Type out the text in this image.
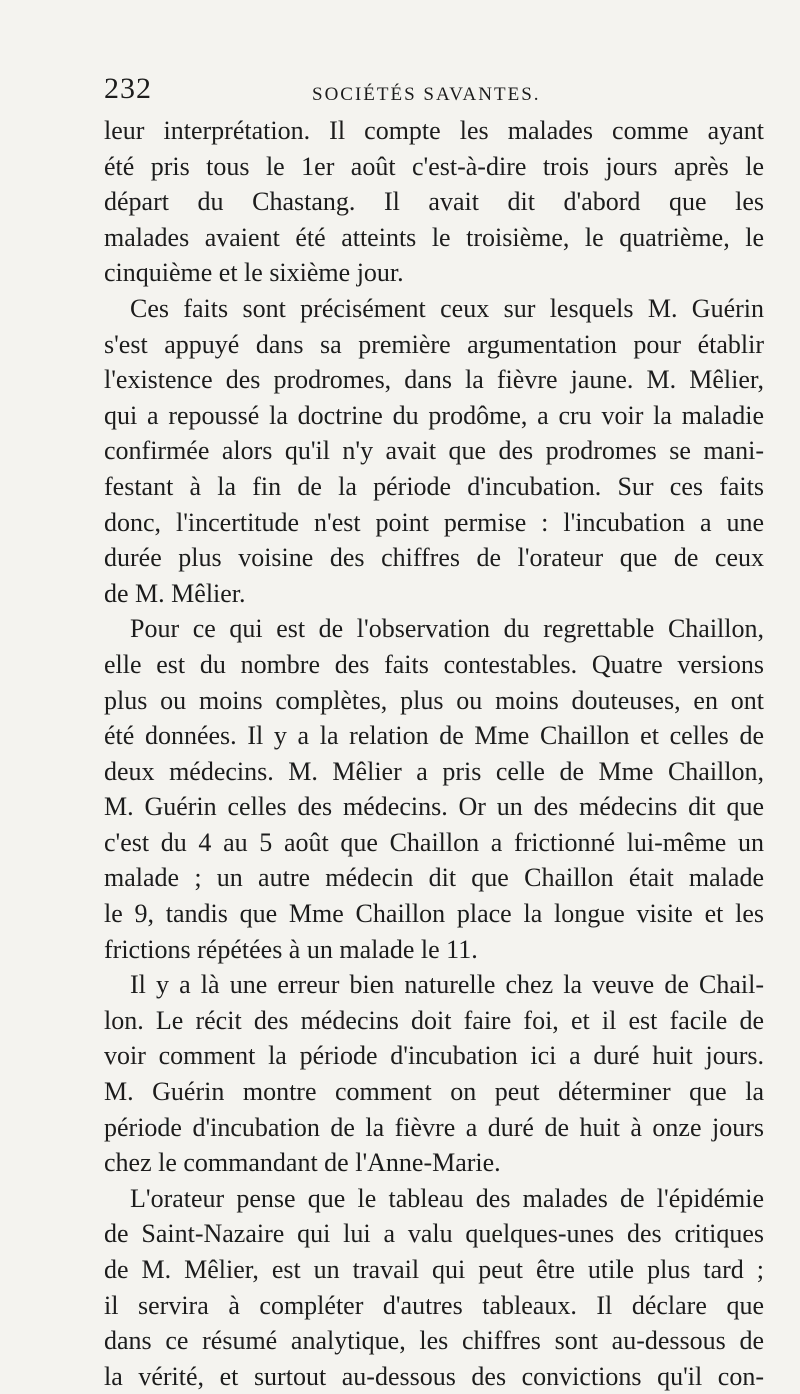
232	SOCIÉTÉS SAVANTES.
leur interprétation. Il compte les malades comme ayant
été pris tous le 1er août c'est-à-dire trois jours après le
départ du Chastang. Il avait dit d'abord que les
malades avaient été atteints le troisième, le quatrième, le
cinquième et le sixième jour.
Ces faits sont précisément ceux sur lesquels M. Guérin
s'est appuyé dans sa première argumentation pour établir
l'existence des prodromes, dans la fièvre jaune. M. Mêlier,
qui a repoussé la doctrine du prodôme, a cru voir la maladie
confirmée alors qu'il n'y avait que des prodromes se mani-
festant à la fin de la période d'incubation. Sur ces faits
donc, l'incertitude n'est point permise : l'incubation a une
durée plus voisine des chiffres de l'orateur que de ceux
de M. Mêlier.
Pour ce qui est de l'observation du regrettable Chaillon,
elle est du nombre des faits contestables. Quatre versions
plus ou moins complètes, plus ou moins douteuses, en ont
été données. Il y a la relation de Mme Chaillon et celles de
deux médecins. M. Mêlier a pris celle de Mme Chaillon,
M. Guérin celles des médecins. Or un des médecins dit que
c'est du 4 au 5 août que Chaillon a frictionné lui-même un
malade ; un autre médecin dit que Chaillon était malade
le 9, tandis que Mme Chaillon place la longue visite et les
frictions répétées à un malade le 11.
Il y a là une erreur bien naturelle chez la veuve de Chail-
lon. Le récit des médecins doit faire foi, et il est facile de
voir comment la période d'incubation ici a duré huit jours.
M. Guérin montre comment on peut déterminer que la
période d'incubation de la fièvre a duré de huit à onze jours
chez le commandant de l'Anne-Marie.
L'orateur pense que le tableau des malades de l'épidémie
de Saint-Nazaire qui lui a valu quelques-unes des critiques
de M. Mêlier, est un travail qui peut être utile plus tard ;
il servira à compléter d'autres tableaux. Il déclare que
dans ce résumé analytique, les chiffres sont au-dessous de
la vérité, et surtout au-dessous des convictions qu'il con-
